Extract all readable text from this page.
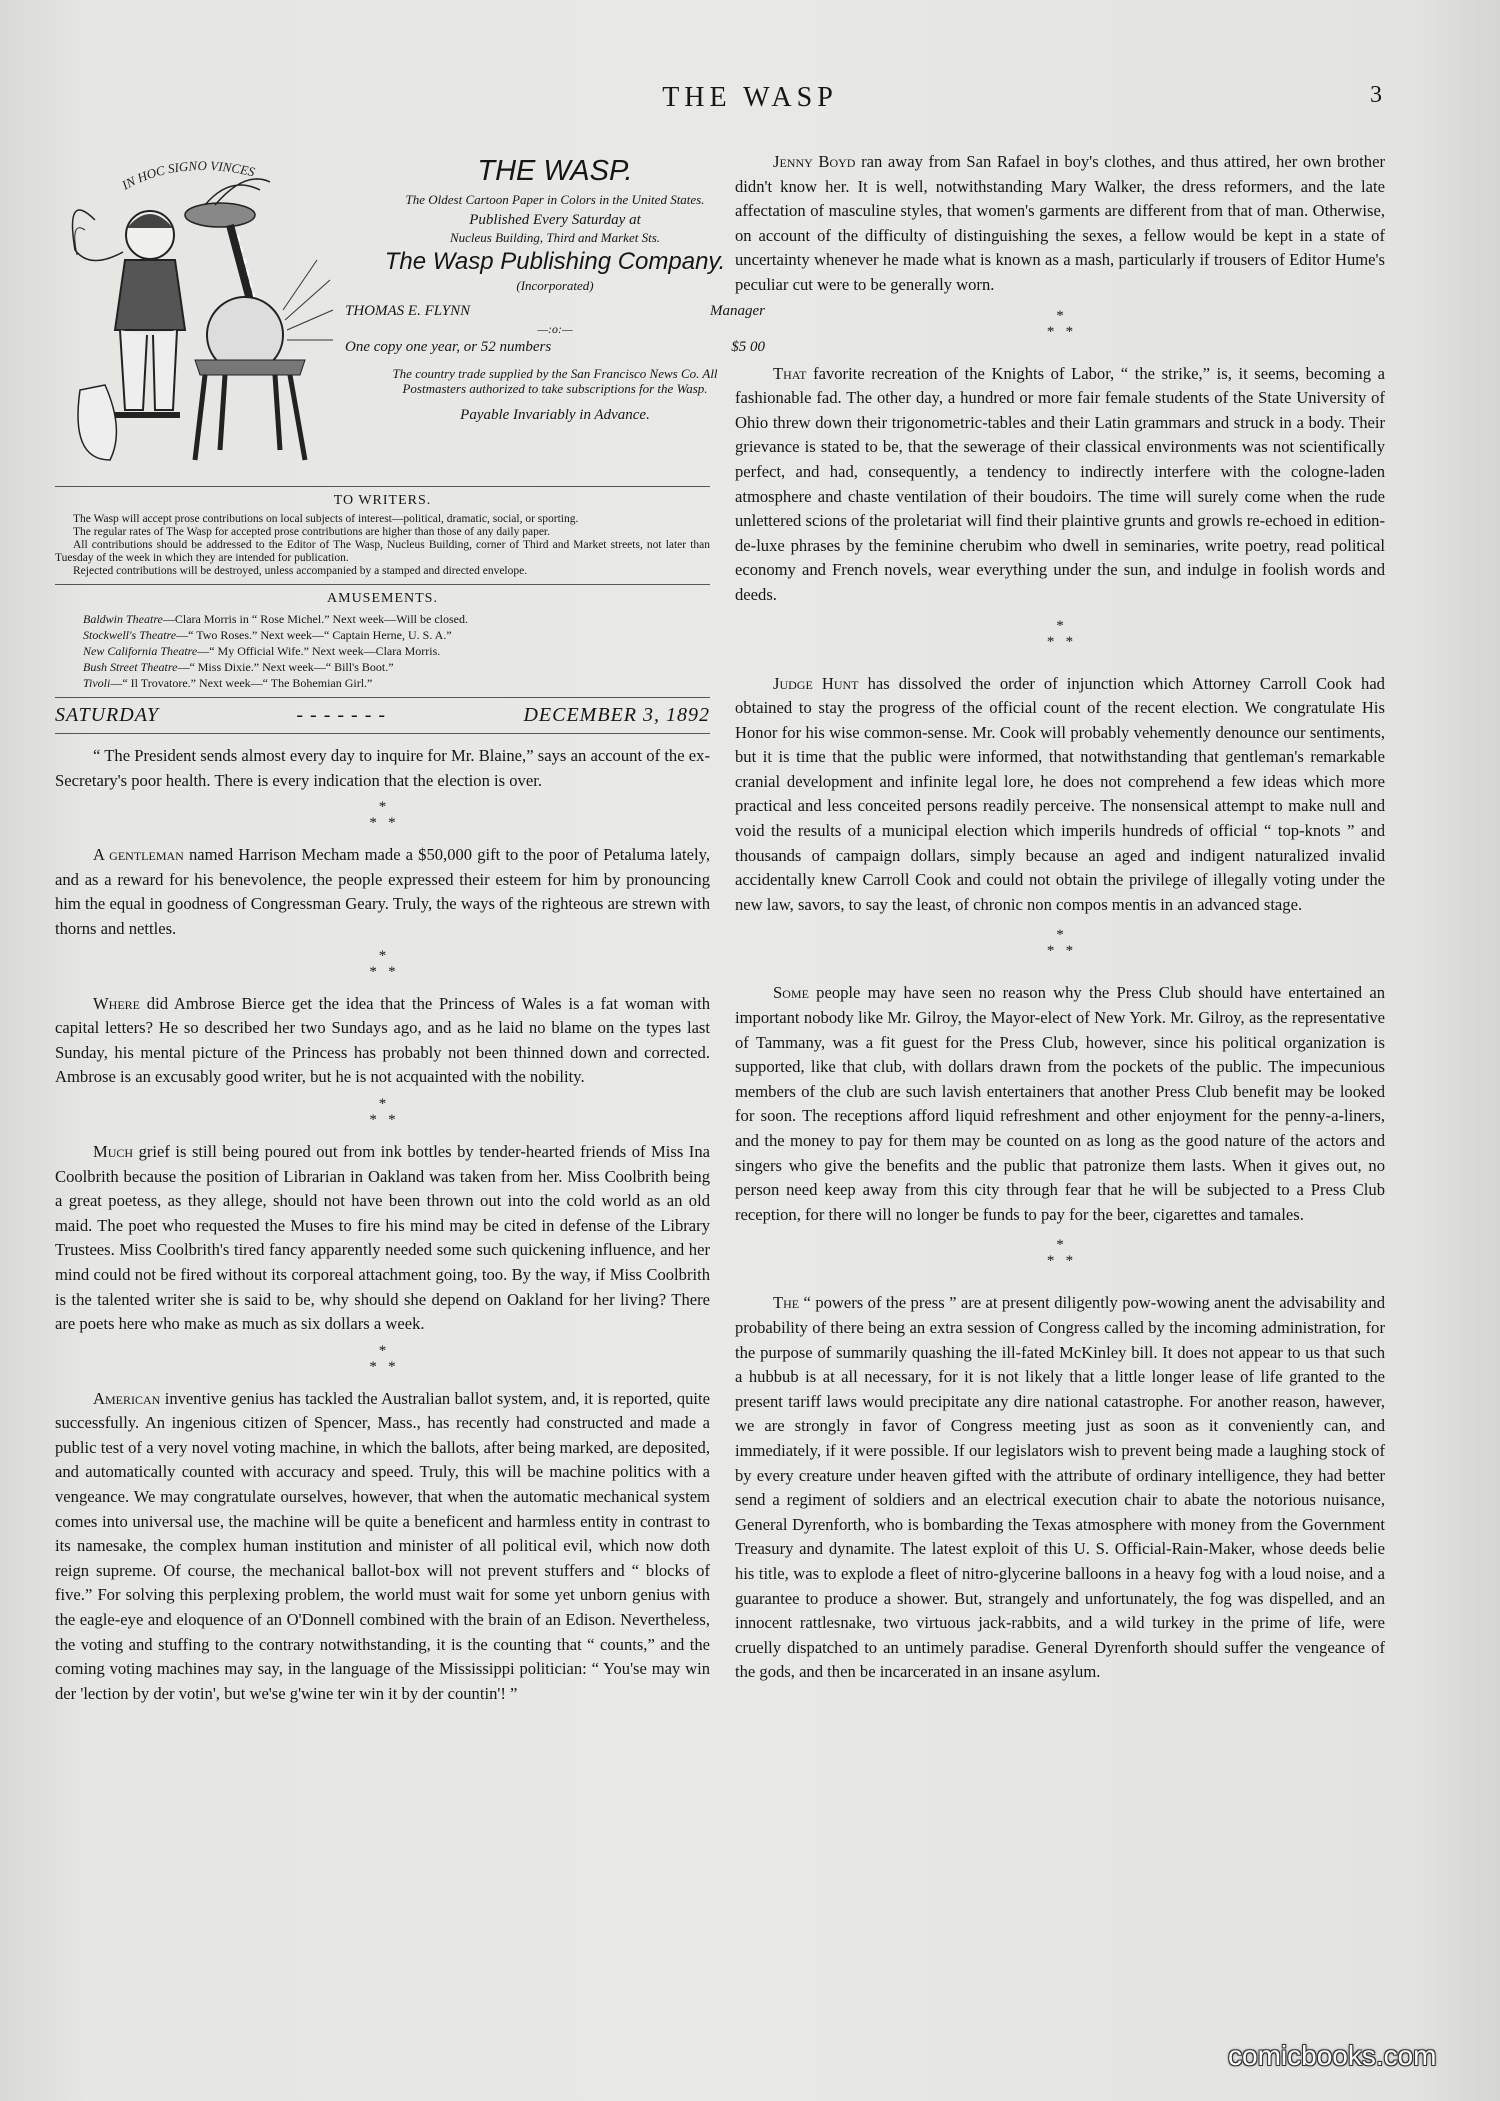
THE WASP	3
IN HOC SIGNO VINCES	THE WASP.
The Oldest Cartoon Paper in Colors in the United States.
Published Every Saturday at
Nucleus Building, Third and Market Sts.
The Wasp Publishing Company.
(Incorporated)
THOMAS E. FLYNN	Manager
—:o:—
One copy one year, or 52 numbers	$5 00
The country trade supplied by the San Francisco News Co. All Postmasters authorized to take subscriptions for the Wasp.
Payable Invariably in Advance.
TO WRITERS.

The Wasp will accept prose contributions on local subjects of interest—political, dramatic, social, or sporting.

The regular rates of The Wasp for accepted prose contributions are higher than those of any daily paper.

All contributions should be addressed to the Editor of The Wasp, Nucleus Building, corner of Third and Market streets, not later than Tuesday of the week in which they are intended for publication.

Rejected contributions will be destroyed, unless accompanied by a stamped and directed envelope.

AMUSEMENTS.
Baldwin Theatre—Clara Morris in “ Rose Michel.” Next week—Will be closed.
Stockwell's Theatre—“ Two Roses.” Next week—“ Captain Herne, U. S. A.”
New California Theatre—“ My Official Wife.” Next week—Clara Morris.
Bush Street Theatre—“ Miss Dixie.” Next week—“ Bill's Boot.”
Tivoli—“ Il Trovatore.” Next week—“ The Bohemian Girl.”
SATURDAY	- - - - - - -	DECEMBER 3, 1892

“ The President sends almost every day to inquire for Mr. Blaine,” says an account of the ex-Secretary's poor health. There is every indication that the election is over.

*
*   *

A gentleman named Harrison Mecham made a $50,000 gift to the poor of Petaluma lately, and as a reward for his benevolence, the people expressed their esteem for him by pronouncing him the equal in goodness of Congressman Geary. Truly, the ways of the righteous are strewn with thorns and nettles.

*
*   *

Where did Ambrose Bierce get the idea that the Princess of Wales is a fat woman with capital letters? He so described her two Sundays ago, and as he laid no blame on the types last Sunday, his mental picture of the Princess has probably not been thinned down and corrected. Ambrose is an excusably good writer, but he is not acquainted with the nobility.

*
*   *

Much grief is still being poured out from ink bottles by tender-hearted friends of Miss Ina Coolbrith because the position of Librarian in Oakland was taken from her. Miss Coolbrith being a great poetess, as they allege, should not have been thrown out into the cold world as an old maid. The poet who requested the Muses to fire his mind may be cited in defense of the Library Trustees. Miss Coolbrith's tired fancy apparently needed some such quickening influence, and her mind could not be fired without its corporeal attachment going, too. By the way, if Miss Coolbrith is the talented writer she is said to be, why should she depend on Oakland for her living? There are poets here who make as much as six dollars a week.

*
*   *

American inventive genius has tackled the Australian ballot system, and, it is reported, quite successfully. An ingenious citizen of Spencer, Mass., has recently had constructed and made a public test of a very novel voting machine, in which the ballots, after being marked, are deposited, and automatically counted with accuracy and speed. Truly, this will be machine politics with a vengeance. We may congratulate ourselves, however, that when the automatic mechanical system comes into universal use, the machine will be quite a beneficent and harmless entity in contrast to its namesake, the complex human institution and minister of all political evil, which now doth reign supreme. Of course, the mechanical ballot-box will not prevent stuffers and “ blocks of five.” For solving this perplexing problem, the world must wait for some yet unborn genius with the eagle-eye and eloquence of an O'Donnell combined with the brain of an Edison. Nevertheless, the voting and stuffing to the contrary notwithstanding, it is the counting that “ counts,” and the coming voting machines may say, in the language of the Mississippi politician: “ You'se may win der 'lection by der votin', but we'se g'wine ter win it by der countin'! ”

Jenny Boyd ran away from San Rafael in boy's clothes, and thus attired, her own brother didn't know her. It is well, notwithstanding Mary Walker, the dress reformers, and the late affectation of masculine styles, that women's garments are different from that of man. Otherwise, on account of the difficulty of distinguishing the sexes, a fellow would be kept in a state of uncertainty whenever he made what is known as a mash, particularly if trousers of Editor Hume's peculiar cut were to be generally worn.

*
*   *

That favorite recreation of the Knights of Labor, “ the strike,” is, it seems, becoming a fashionable fad. The other day, a hundred or more fair female students of the State University of Ohio threw down their trigonometric-tables and their Latin grammars and struck in a body. Their grievance is stated to be, that the sewerage of their classical environments was not scientifically perfect, and had, consequently, a tendency to indirectly interfere with the cologne-laden atmosphere and chaste ventilation of their boudoirs. The time will surely come when the rude unlettered scions of the proletariat will find their plaintive grunts and growls re-echoed in edition-de-luxe phrases by the feminine cherubim who dwell in seminaries, write poetry, read political economy and French novels, wear everything under the sun, and indulge in foolish words and deeds.

*
*   *

Judge Hunt has dissolved the order of injunction which Attorney Carroll Cook had obtained to stay the progress of the official count of the recent election. We congratulate His Honor for his wise common-sense. Mr. Cook will probably vehemently denounce our sentiments, but it is time that the public were informed, that notwithstanding that gentleman's remarkable cranial development and infinite legal lore, he does not comprehend a few ideas which more practical and less conceited persons readily perceive. The nonsensical attempt to make null and void the results of a municipal election which imperils hundreds of official “ top-knots ” and thousands of campaign dollars, simply because an aged and indigent naturalized invalid accidentally knew Carroll Cook and could not obtain the privilege of illegally voting under the new law, savors, to say the least, of chronic non compos mentis in an advanced stage.

*
*   *

Some people may have seen no reason why the Press Club should have entertained an important nobody like Mr. Gilroy, the Mayor-elect of New York. Mr. Gilroy, as the representative of Tammany, was a fit guest for the Press Club, however, since his political organization is supported, like that club, with dollars drawn from the pockets of the public. The impecunious members of the club are such lavish entertainers that another Press Club benefit may be looked for soon. The receptions afford liquid refreshment and other enjoyment for the penny-a-liners, and the money to pay for them may be counted on as long as the good nature of the actors and singers who give the benefits and the public that patronize them lasts. When it gives out, no person need keep away from this city through fear that he will be subjected to a Press Club reception, for there will no longer be funds to pay for the beer, cigarettes and tamales.

*
*   *

The “ powers of the press ” are at present diligently pow-wowing anent the advisability and probability of there being an extra session of Congress called by the incoming administration, for the purpose of summarily quashing the ill-fated McKinley bill. It does not appear to us that such a hubbub is at all necessary, for it is not likely that a little longer lease of life granted to the present tariff laws would precipitate any dire national catastrophe. For another reason, hawever, we are strongly in favor of Congress meeting just as soon as it conveniently can, and immediately, if it were possible. If our legislators wish to prevent being made a laughing stock of by every creature under heaven gifted with the attribute of ordinary intelligence, they had better send a regiment of soldiers and an electrical execution chair to abate the notorious nuisance, General Dyrenforth, who is bombarding the Texas atmosphere with money from the Government Treasury and dynamite. The latest exploit of this U. S. Official-Rain-Maker, whose deeds belie his title, was to explode a fleet of nitro-glycerine balloons in a heavy fog with a loud noise, and a guarantee to produce a shower. But, strangely and unfortunately, the fog was dispelled, and an innocent rattlesnake, two virtuous jack-rabbits, and a wild turkey in the prime of life, were cruelly dispatched to an untimely paradise. General Dyrenforth should suffer the vengeance of the gods, and then be incarcerated in an insane asylum.

comicbooks.com
